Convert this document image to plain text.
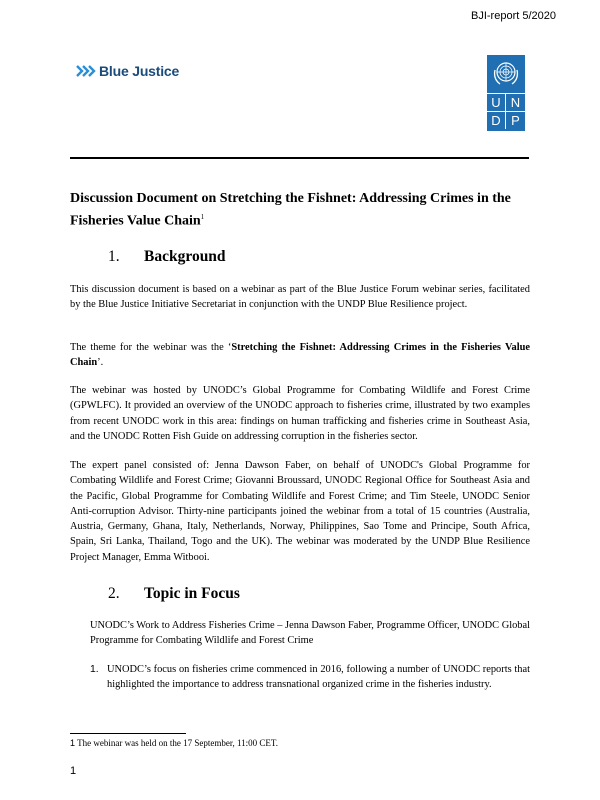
BJI-report 5/2020
Blue Justice
U N
D P
Discussion Document on Stretching the Fishnet: Addressing Crimes in the Fisheries Value Chain$^1$
1. Background
This discussion document is based on a webinar as part of the Blue Justice Forum webinar series, facilitated by the Blue Justice Initiative Secretariat in conjunction with the UNDP Blue Resilience project.
The theme for the webinar was the ‘Stretching the Fishnet: Addressing Crimes in the Fisheries Value Chain’.
The webinar was hosted by UNODC’s Global Programme for Combating Wildlife and Forest Crime (GPWLFC). It provided an overview of the UNODC approach to fisheries crime, illustrated by two examples from recent UNODC work in this area: findings on human trafficking and fisheries crime in Southeast Asia, and the UNODC Rotten Fish Guide on addressing corruption in the fisheries sector.
The expert panel consisted of: Jenna Dawson Faber, on behalf of UNODC's Global Programme for Combating Wildlife and Forest Crime; Giovanni Broussard, UNODC Regional Office for Southeast Asia and the Pacific, Global Programme for Combating Wildlife and Forest Crime; and Tim Steele, UNODC Senior Anti-corruption Advisor. Thirty-nine participants joined the webinar from a total of 15 countries (Australia, Austria, Germany, Ghana, Italy, Netherlands, Norway, Philippines, Sao Tome and Principe, South Africa, Spain, Sri Lanka, Thailand, Togo and the UK). The webinar was moderated by the UNDP Blue Resilience Project Manager, Emma Witbooi.
2. Topic in Focus
UNODC’s Work to Address Fisheries Crime – Jenna Dawson Faber, Programme Officer, UNODC Global Programme for Combating Wildlife and Forest Crime
1. UNODC’s focus on fisheries crime commenced in 2016, following a number of UNODC reports that highlighted the importance to address transnational organized crime in the fisheries industry.
1 The webinar was held on the 17 September, 11:00 CET.
1
